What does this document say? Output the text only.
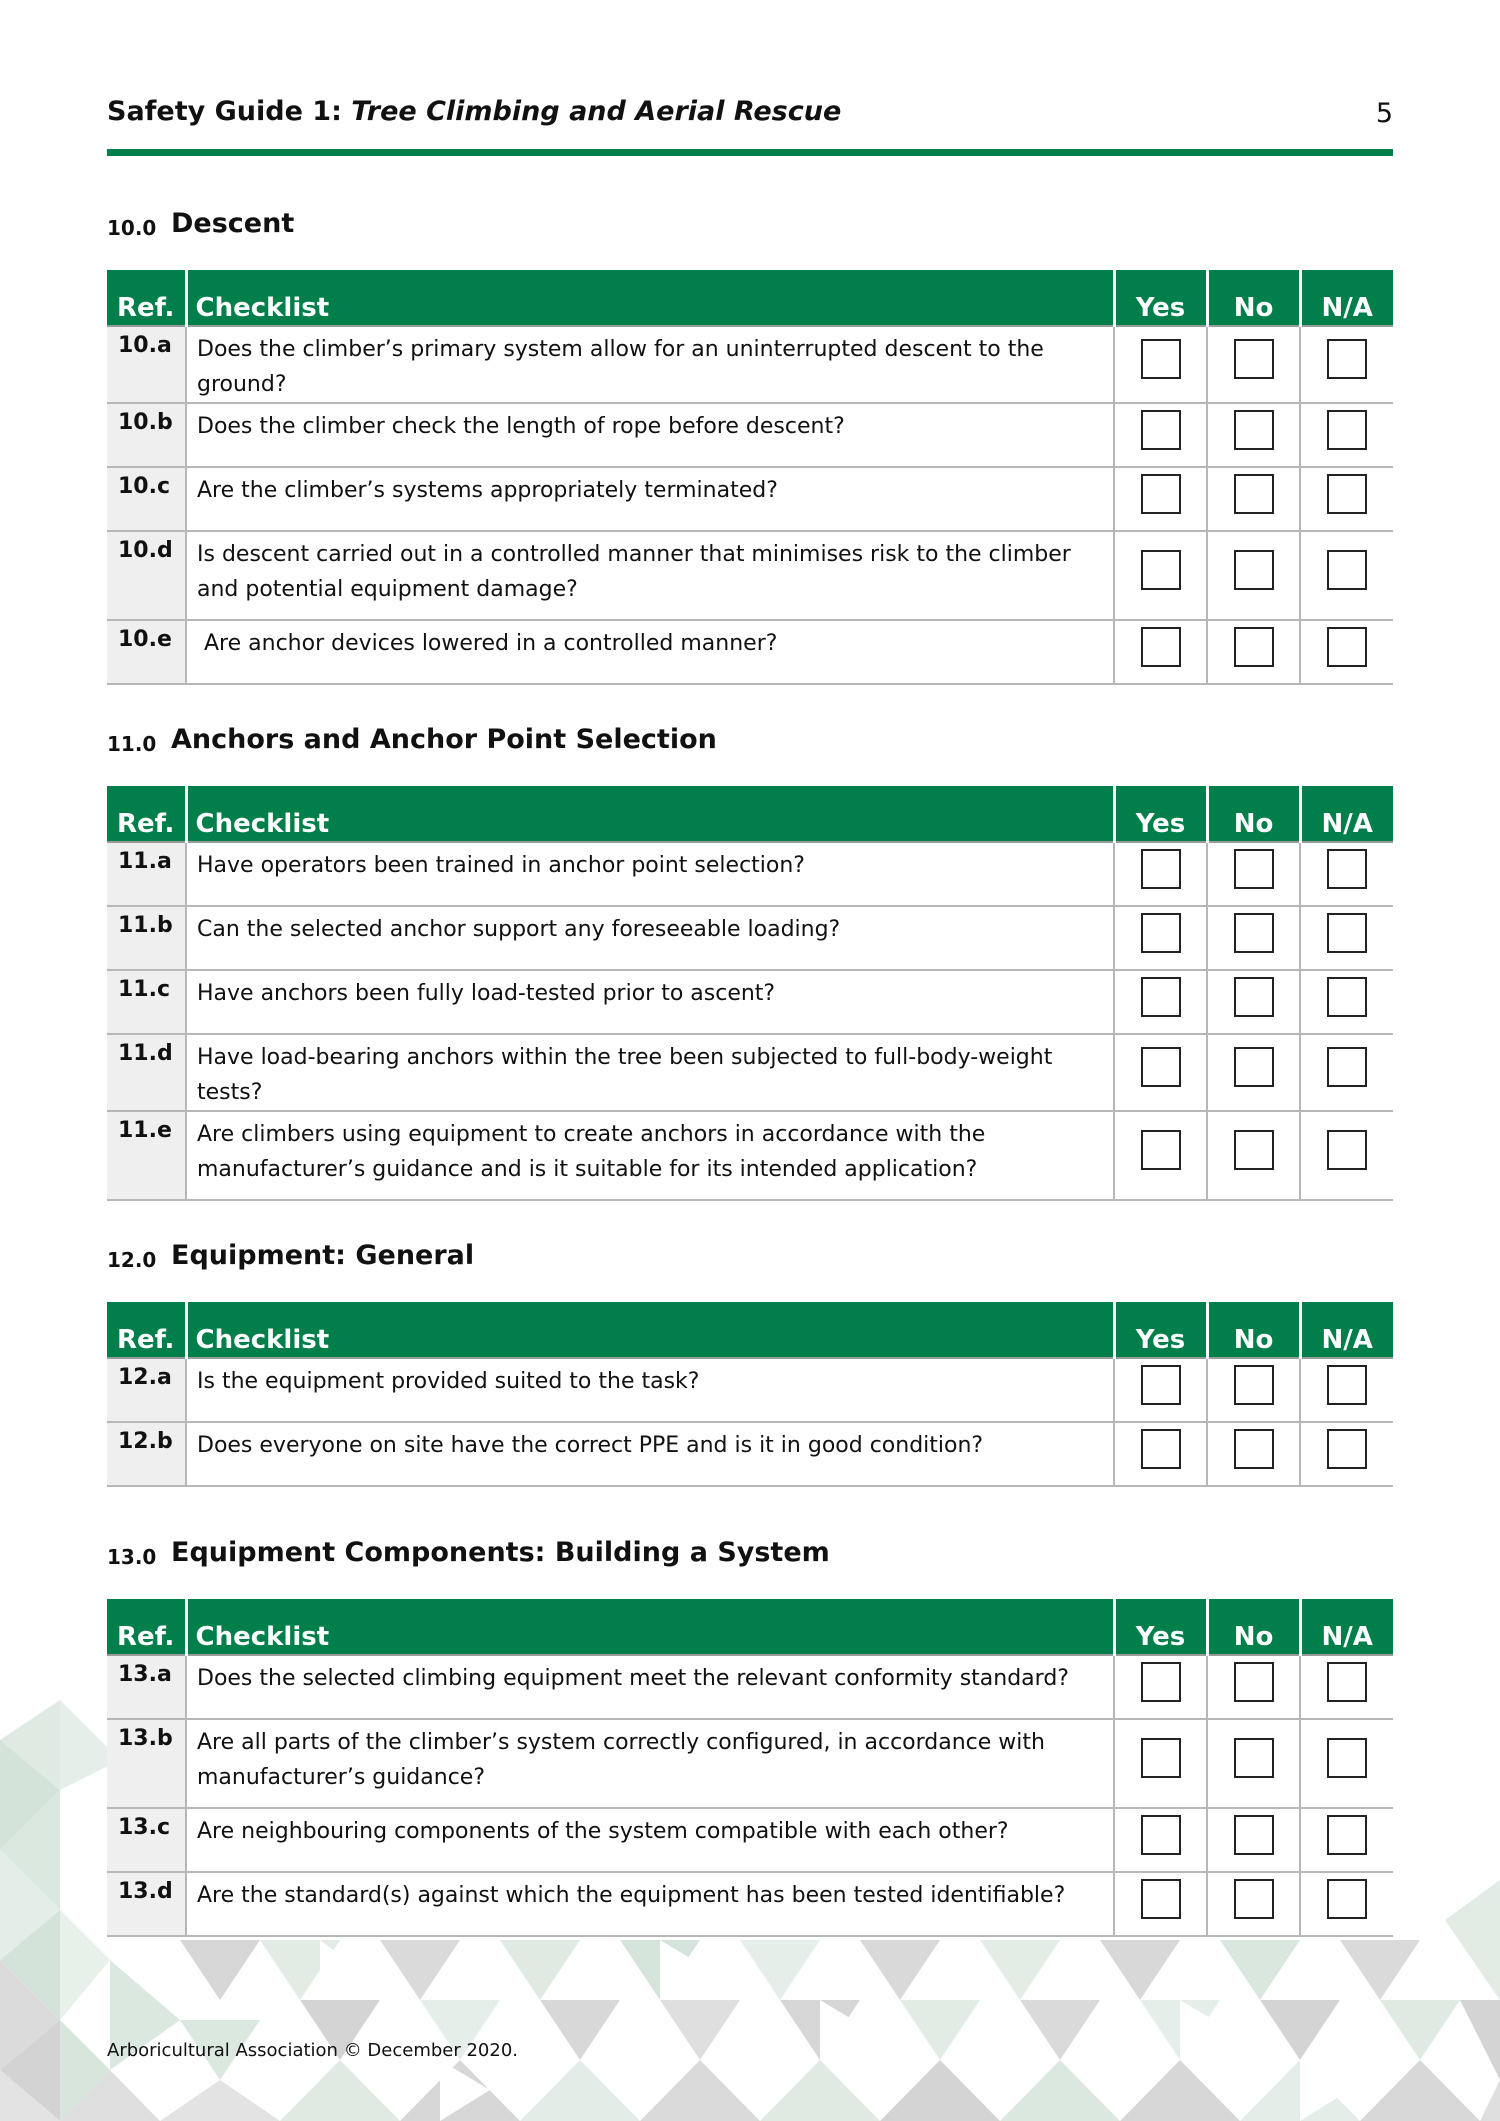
Safety Guide 1: Tree Climbing and Aerial Rescue	5
10.0 Descent
Ref.	Checklist	Yes	No	N/A
10.a	Does the climber’s primary system allow for an uninterrupted descent to the ground?			
10.b	Does the climber check the length of rope before descent?			
10.c	Are the climber’s systems appropriately terminated?			
10.d	Is descent carried out in a controlled manner that minimises risk to the climber and potential equipment damage?			
10.e	Are anchor devices lowered in a controlled manner?			
11.0 Anchors and Anchor Point Selection
Ref.	Checklist	Yes	No	N/A
11.a	Have operators been trained in anchor point selection?			
11.b	Can the selected anchor support any foreseeable loading?			
11.c	Have anchors been fully load-tested prior to ascent?			
11.d	Have load-bearing anchors within the tree been subjected to full-body-weight tests?			
11.e	Are climbers using equipment to create anchors in accordance with the manufacturer’s guidance and is it suitable for its intended application?			
12.0 Equipment: General
Ref.	Checklist	Yes	No	N/A
12.a	Is the equipment provided suited to the task?			
12.b	Does everyone on site have the correct PPE and is it in good condition?			
13.0 Equipment Components: Building a System
Ref.	Checklist	Yes	No	N/A
13.a	Does the selected climbing equipment meet the relevant conformity standard?			
13.b	Are all parts of the climber’s system correctly configured, in accordance with manufacturer’s guidance?			
13.c	Are neighbouring components of the system compatible with each other?			
13.d	Are the standard(s) against which the equipment has been tested identifiable?			
Arboricultural Association © December 2020.
